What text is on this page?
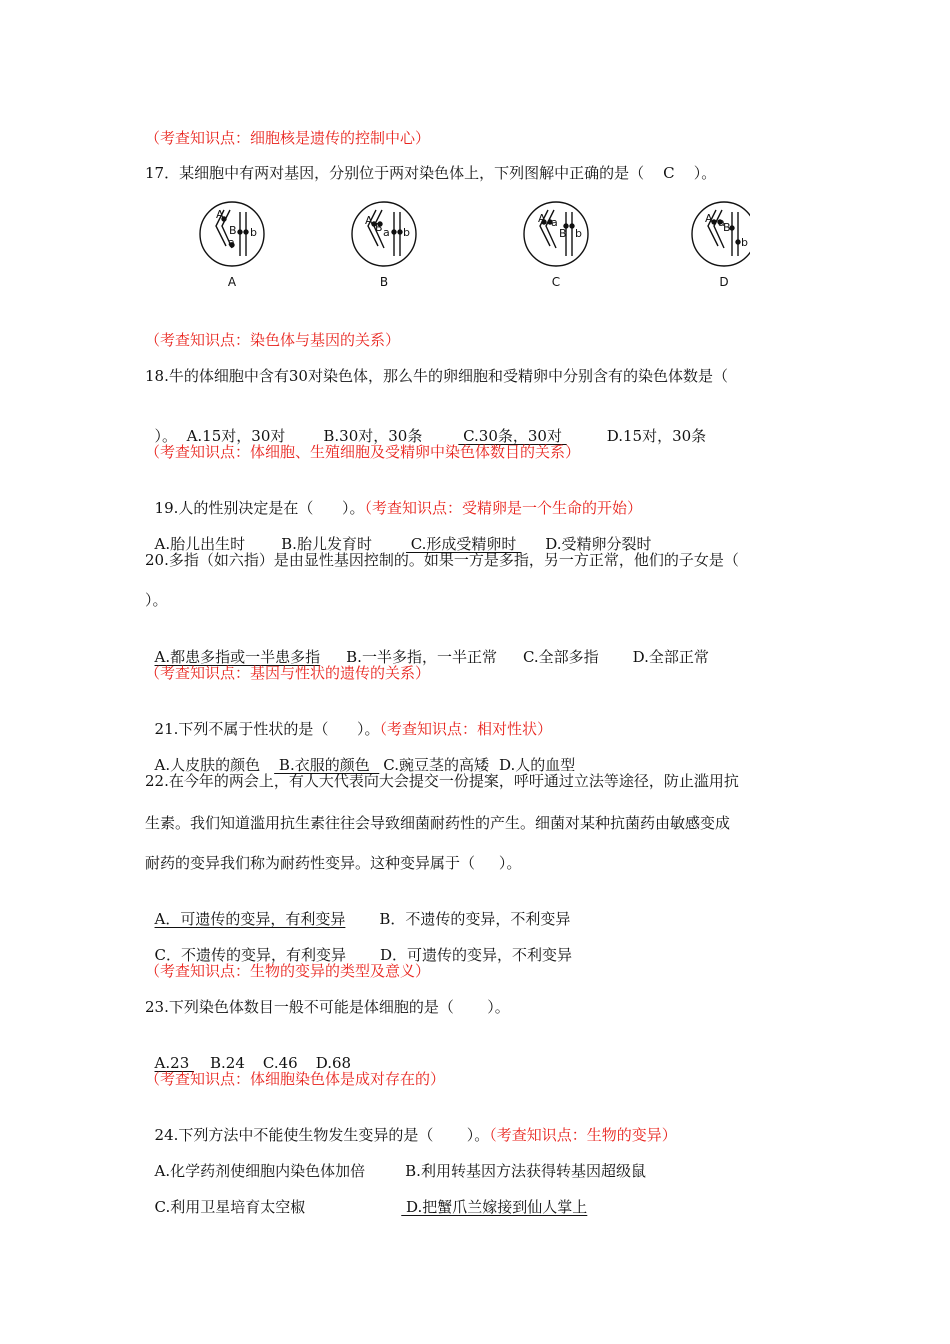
（考查知识点：细胞核是遗传的控制中心）
17．某细胞中有两对基因，分别位于两对染色体上，下列图解中正确的是（    C    ）。
A
a
B b
A
a
B b
A a
B b
A a
B
b
A	B	C	D
（考查知识点：染色体与基因的关系）
18.牛的体细胞中含有30对染色体，那么牛的卵细胞和受精卵中分别含有的染色体数是（

）。  A.15对，30对	B.30对，30条 C.30条，30对	D.15对，30条

（考查知识点：体细胞、生殖细胞及受精卵中染色体数目的关系）

19.人的性别决定是在（      ）。（考查知识点：受精卵是一个生命的开始）

A.胎儿出生时 B.胎儿发育时 C.形成受精卵时 D.受精卵分裂时

20.多指（如六指）是由显性基因控制的。如果一方是多指，另一方正常，他们的子女是（
）。

A.都患多指或一半患多指 B.一半多指，一半正常 C.全部多指 D.全部正常

（考查知识点：基因与性状的遗传的关系）

21.下列不属于性状的是（      ）。（考查知识点：相对性状）

A.人皮肤的颜色 B.衣服的颜色  C.豌豆茎的高矮 D.人的血型

22.在今年的两会上，有人大代表向大会提交一份提案，呼吁通过立法等途径，防止滥用抗
生素。我们知道滥用抗生素往往会导致细菌耐药性的产生。细菌对某种抗菌药由敏感变成
耐药的变异我们称为耐药性变异。这种变异属于（     ）。

A．可遗传的变异，有利变异 B．不遗传的变异，不利变异

C．不遗传的变异，有利变异 D．可遗传的变异，不利变异

（考查知识点：生物的变异的类型及意义）
23.下列染色体数目一般不可能是体细胞的是（       ）。

A.23 B.24 C.46 D.68

（考查知识点：体细胞染色体是成对存在的）

24.下列方法中不能使生物发生变异的是（       ）。（考查知识点：生物的变异）

A.化学药剂使细胞内染色体加倍	B.利用转基因方法获得转基因超级鼠

C.利用卫星培育太空椒	D.把蟹爪兰嫁接到仙人掌上
